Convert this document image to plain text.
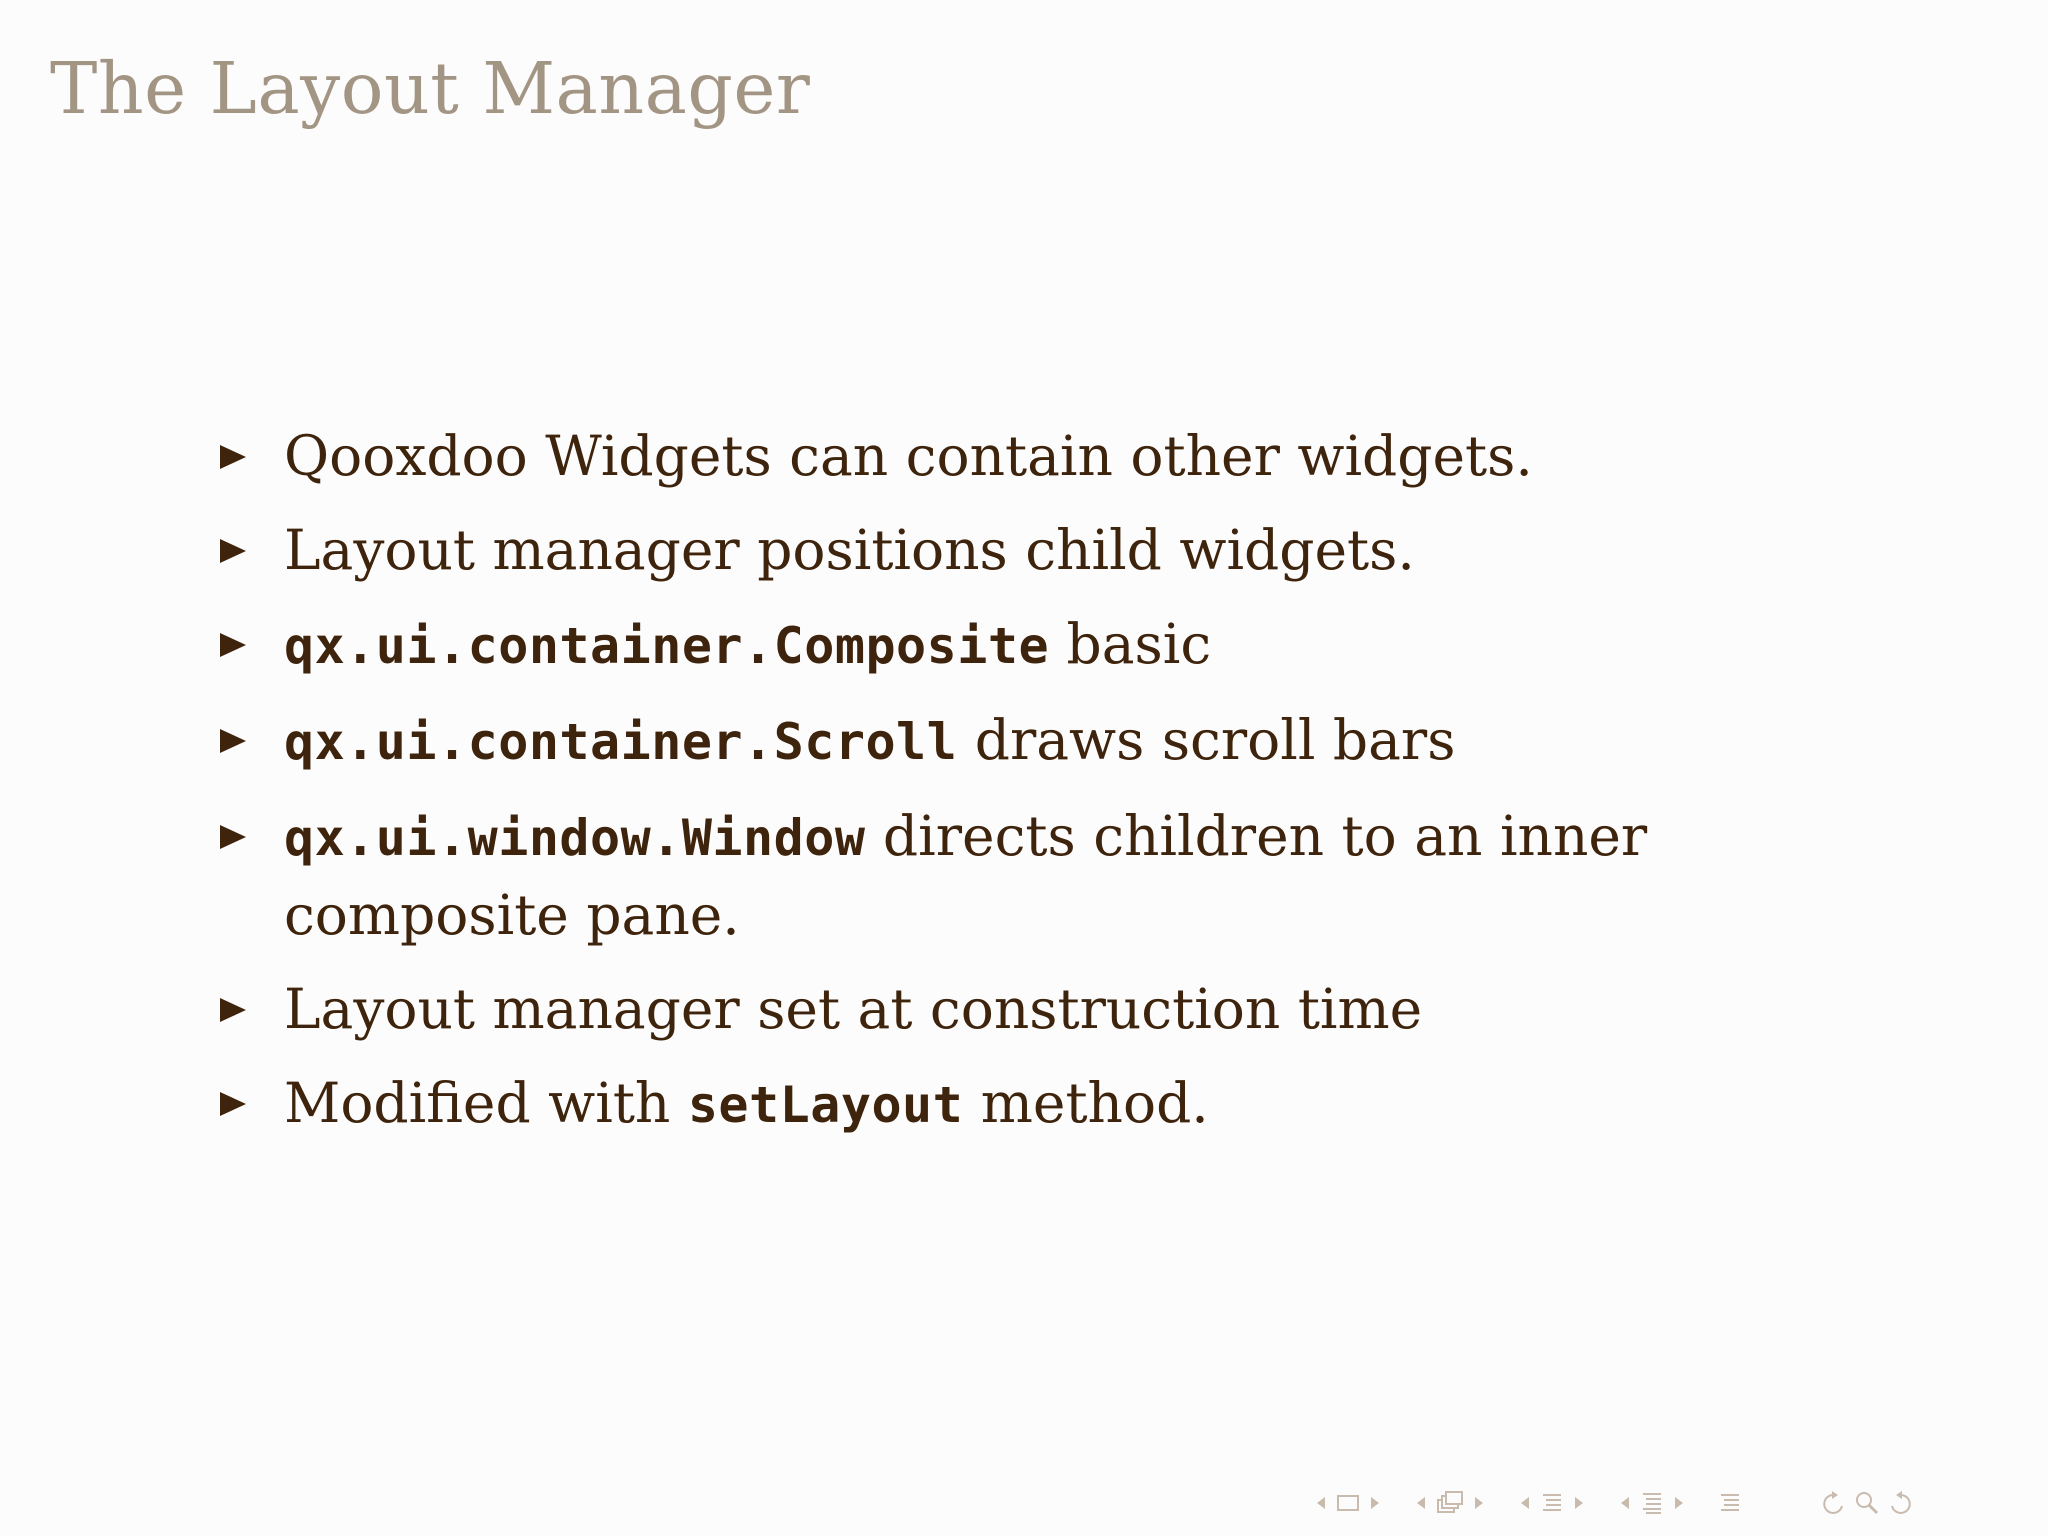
The Layout Manager
Qooxdoo Widgets can contain other widgets.
Layout manager positions child widgets.
qx.ui.container.Composite basic
qx.ui.container.Scroll draws scroll bars
qx.ui.window.Window directs children to an inner composite pane.
Layout manager set at construction time
Modified with setLayout method.
